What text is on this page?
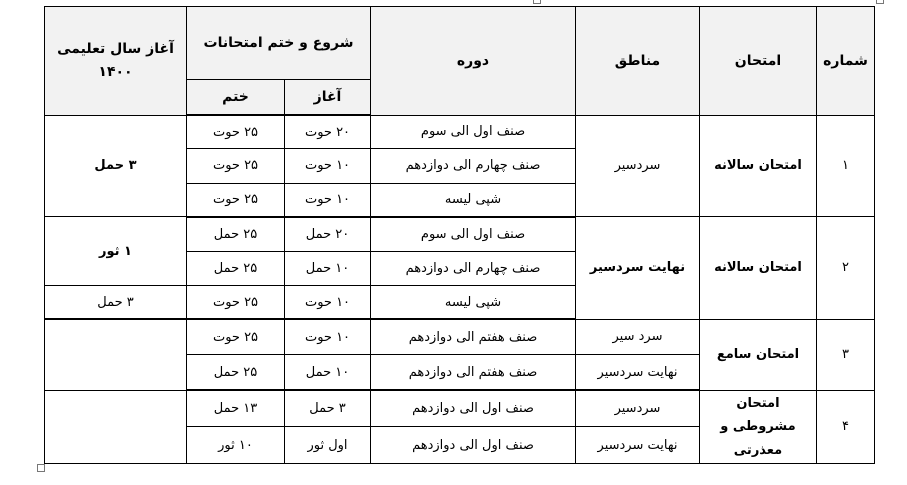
شماره	امتحان	مناطق	دوره	شروع و ختم امتحانات		آغاز سال تعلیمی ۱۴۰۰
				آغاز	ختم	
۱	امتحان سالانه	سردسیر	صنف اول الی سوم	۲۰ حوت	۲۵ حوت	۳ حمل
			صنف چهارم الی دوازدهم	۱۰ حوت	۲۵ حوت	
			شپی لیسه	۱۰ حوت	۲۵ حوت	
۲	امتحان سالانه	نهایت سردسیر	صنف اول الی سوم	۲۰ حمل	۲۵ حمل	۱ ثور
			صنف چهارم الی دوازدهم	۱۰ حمل	۲۵ حمل	
			شپی لیسه	۱۰ حوت	۲۵ حوت	۳ حمل
۳	امتحان سامع	سرد سیر	صنف هفتم الی دوازدهم	۱۰ حوت	۲۵ حوت	
		نهایت سردسیر	صنف هفتم الی دوازدهم	۱۰ حمل	۲۵ حمل	
۴	امتحان مشروطی و معذرتی	سردسیر	صنف اول الی دوازدهم	۳ حمل	۱۳ حمل	
		نهایت سردسیر	صنف اول الی دوازدهم	اول ثور	۱۰ ثور	
